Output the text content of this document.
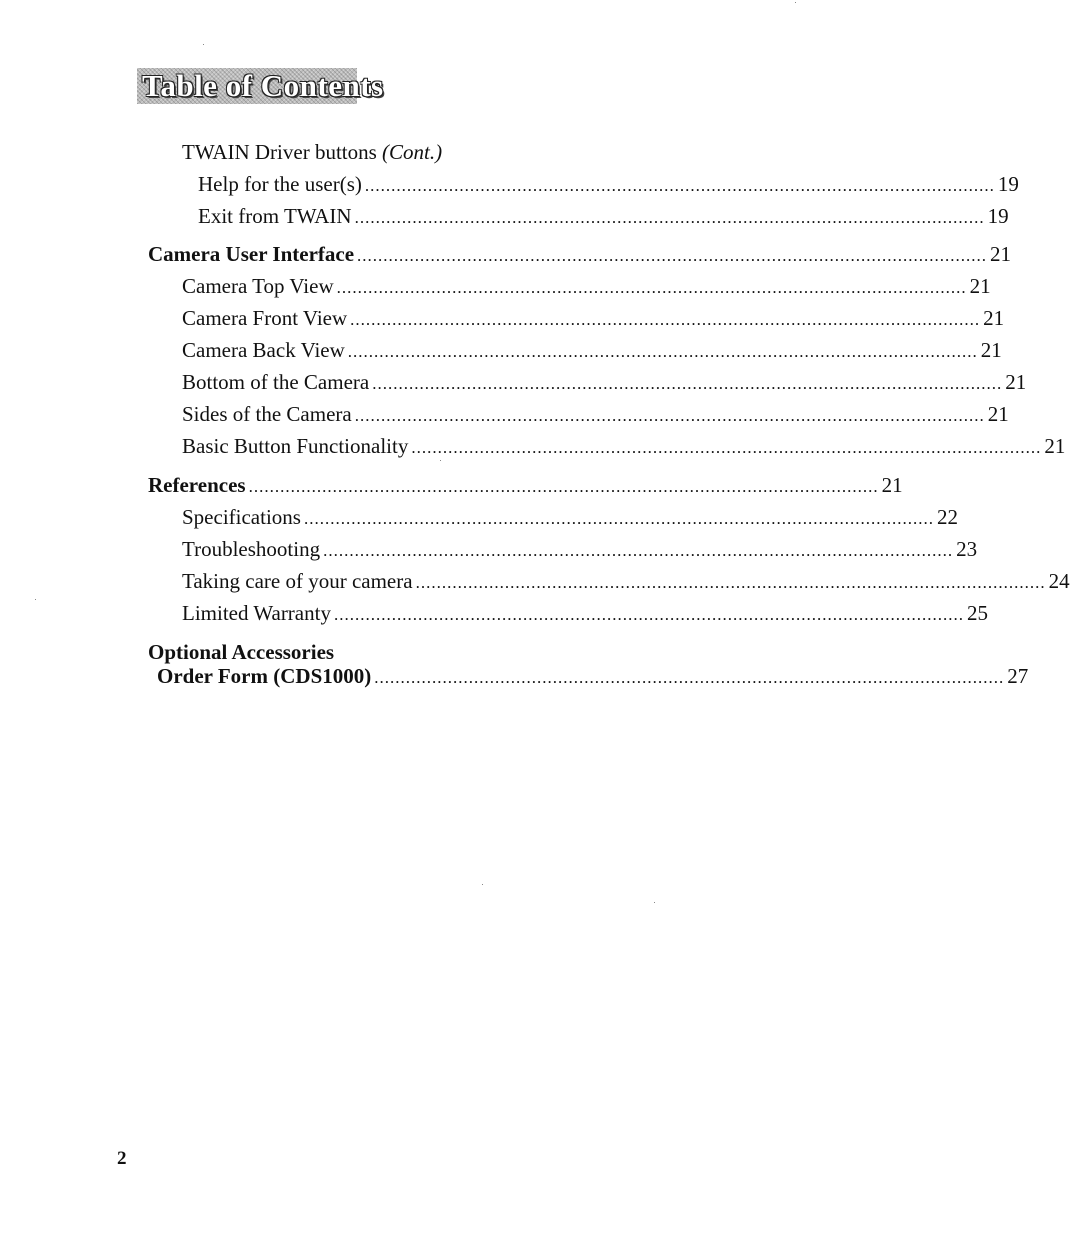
Table of Contents
TWAIN Driver buttons (Cont.)
Help for the user(s) .....	19
Exit from TWAIN .....	19
Camera User Interface .....	21
Camera Top View .....	21
Camera Front View .....	21
Camera Back View .....	21
Bottom of the Camera .....	21
Sides of the Camera .....	21
Basic Button Functionality .....	21
References .....	21
Specifications .....	22
Troubleshooting .....	23
Taking care of your camera .....	24
Limited Warranty .....	25
Optional Accessories
Order Form (CDS1000) .....	27
2
